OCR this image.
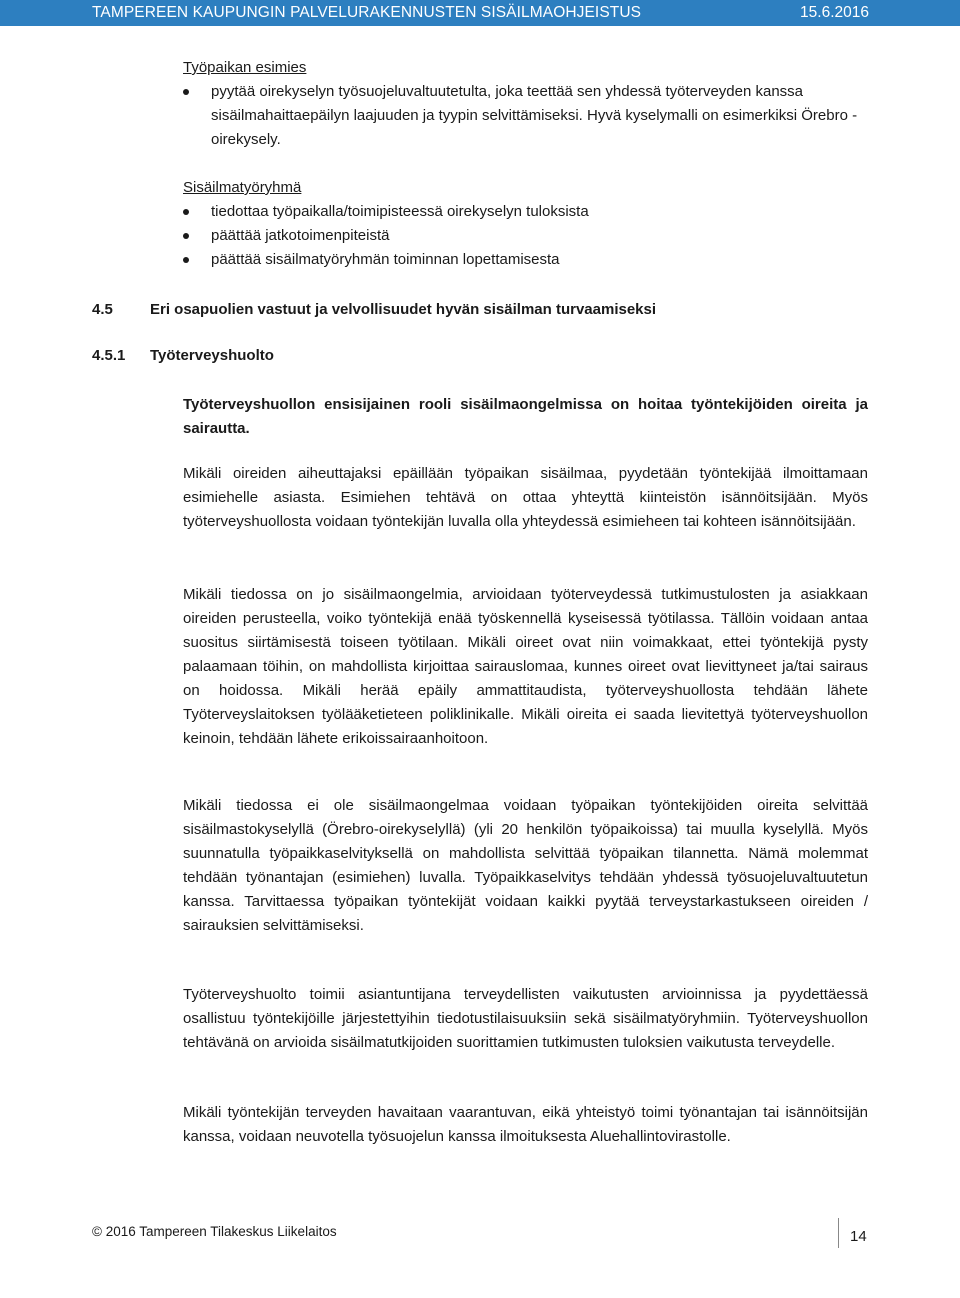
TAMPEREEN KAUPUNGIN PALVELURAKENNUSTEN SISÄILMAOHJEISTUS	15.6.2016
Työpaikan esimies
pyytää oirekyselyn työsuojeluvaltuutetulta, joka teettää sen yhdessä työterveyden kanssa sisäilmahaittaepäilyn laajuuden ja tyypin selvittämiseksi. Hyvä kyselymalli on esimerkiksi Örebro -oirekysely.
Sisäilmatyöryhmä
tiedottaa työpaikalla/toimipisteessä oirekyselyn tuloksista
päättää jatkotoimenpiteistä
päättää sisäilmatyöryhmän toiminnan lopettamisesta
4.5 Eri osapuolien vastuut ja velvollisuudet hyvän sisäilman turvaamiseksi
4.5.1 Työterveyshuolto

Työterveyshuollon ensisijainen rooli sisäilmaongelmissa on hoitaa työntekijöiden oireita ja sairautta.

Mikäli oireiden aiheuttajaksi epäillään työpaikan sisäilmaa, pyydetään työntekijää ilmoittamaan esimiehelle asiasta. Esimiehen tehtävä on ottaa yhteyttä kiinteistön isännöitsijään. Myös työterveyshuollosta voidaan työntekijän luvalla olla yhteydessä esimieheen tai kohteen isännöitsijään.

Mikäli tiedossa on jo sisäilmaongelmia, arvioidaan työterveydessä tutkimustulosten ja asiakkaan oireiden perusteella, voiko työntekijä enää työskennellä kyseisessä työtilassa. Tällöin voidaan antaa suositus siirtämisestä toiseen työtilaan. Mikäli oireet ovat niin voimakkaat, ettei työntekijä pysty palaamaan töihin, on mahdollista kirjoittaa sairauslomaa, kunnes oireet ovat lievittyneet ja/tai sairaus on hoidossa. Mikäli herää epäily ammattitaudista, työterveyshuollosta tehdään lähete Työterveyslaitoksen työlääketieteen poliklinikalle. Mikäli oireita ei saada lievitettyä työterveyshuollon keinoin, tehdään lähete erikoissairaanhoitoon.

Mikäli tiedossa ei ole sisäilmaongelmaa voidaan työpaikan työntekijöiden oireita selvittää sisäilmastokyselyllä (Örebro-oirekyselyllä) (yli 20 henkilön työpaikoissa) tai muulla kyselyllä. Myös suunnatulla työpaikkaselvityksellä on mahdollista selvittää työpaikan tilannetta. Nämä molemmat tehdään työnantajan (esimiehen) luvalla. Työpaikkaselvitys tehdään yhdessä työsuojeluvaltuutetun kanssa. Tarvittaessa työpaikan työntekijät voidaan kaikki pyytää terveystarkastukseen oireiden / sairauksien selvittämiseksi.

Työterveyshuolto toimii asiantuntijana terveydellisten vaikutusten arvioinnissa ja pyydettäessä osallistuu työntekijöille järjestettyihin tiedotustilaisuuksiin sekä sisäilmatyöryhmiin. Työterveyshuollon tehtävänä on arvioida sisäilmatutkijoiden suorittamien tutkimusten tuloksien vaikutusta terveydelle.

Mikäli työntekijän terveyden havaitaan vaarantuvan, eikä yhteistyö toimi työnantajan tai isännöitsijän kanssa, voidaan neuvotella työsuojelun kanssa ilmoituksesta Aluehallintovirastolle.

© 2016 Tampereen Tilakeskus Liikelaitos	14
